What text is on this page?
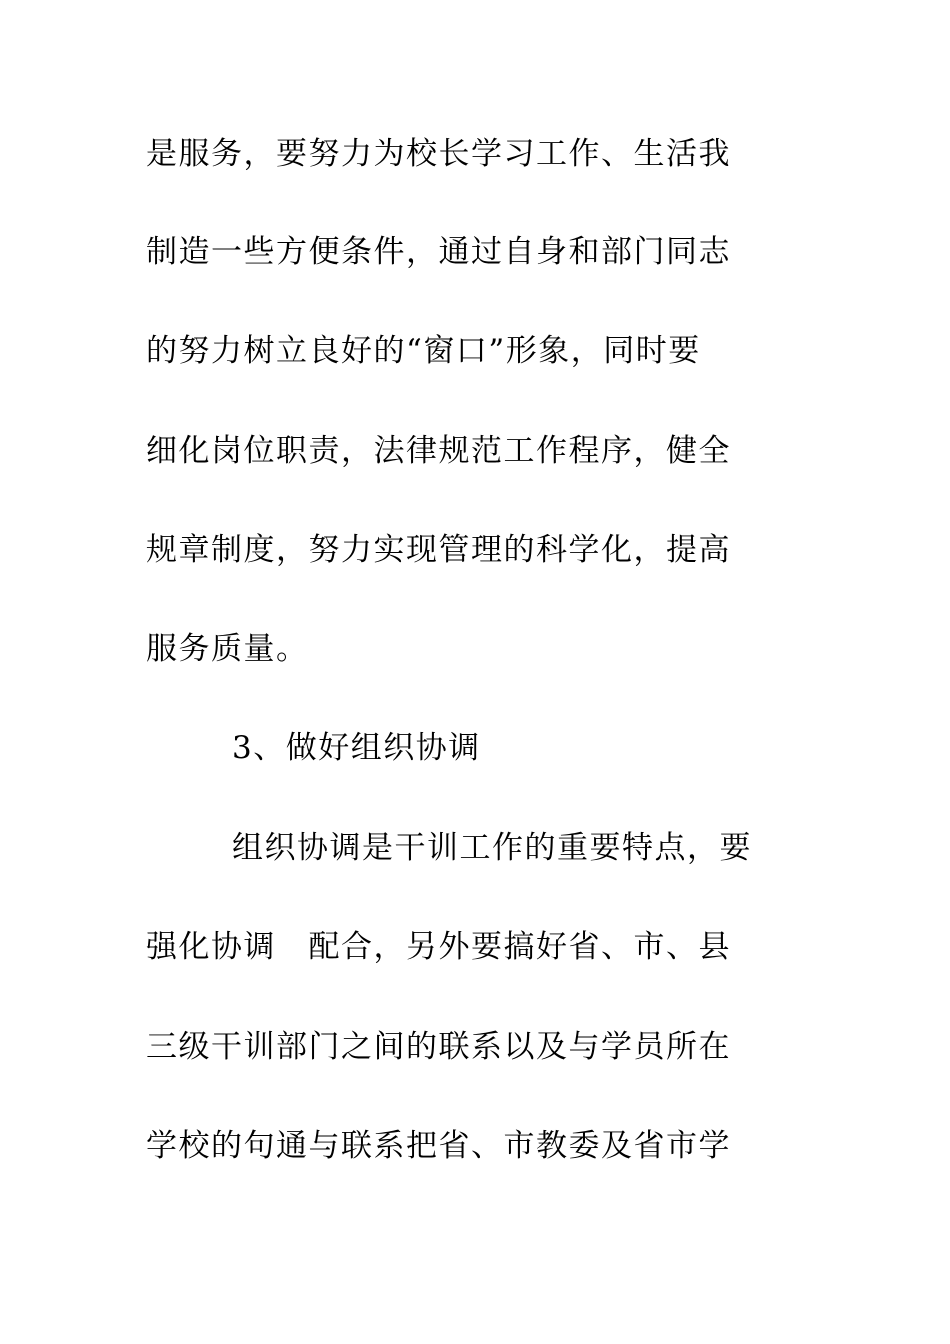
是服务，要努力为校长学习工作、生活我
制造一些方便条件，通过自身和部门同志
的努力树立良好的“窗口”形象，同时要
细化岗位职责，法律规范工作程序，健全
规章制度，努力实现管理的科学化，提高
服务质量。
3、做好组织协调
组织协调是干训工作的重要特点，要
强化协调　配合，另外要搞好省、市、县
三级干训部门之间的联系以及与学员所在
学校的句通与联系把省、市教委及省市学
